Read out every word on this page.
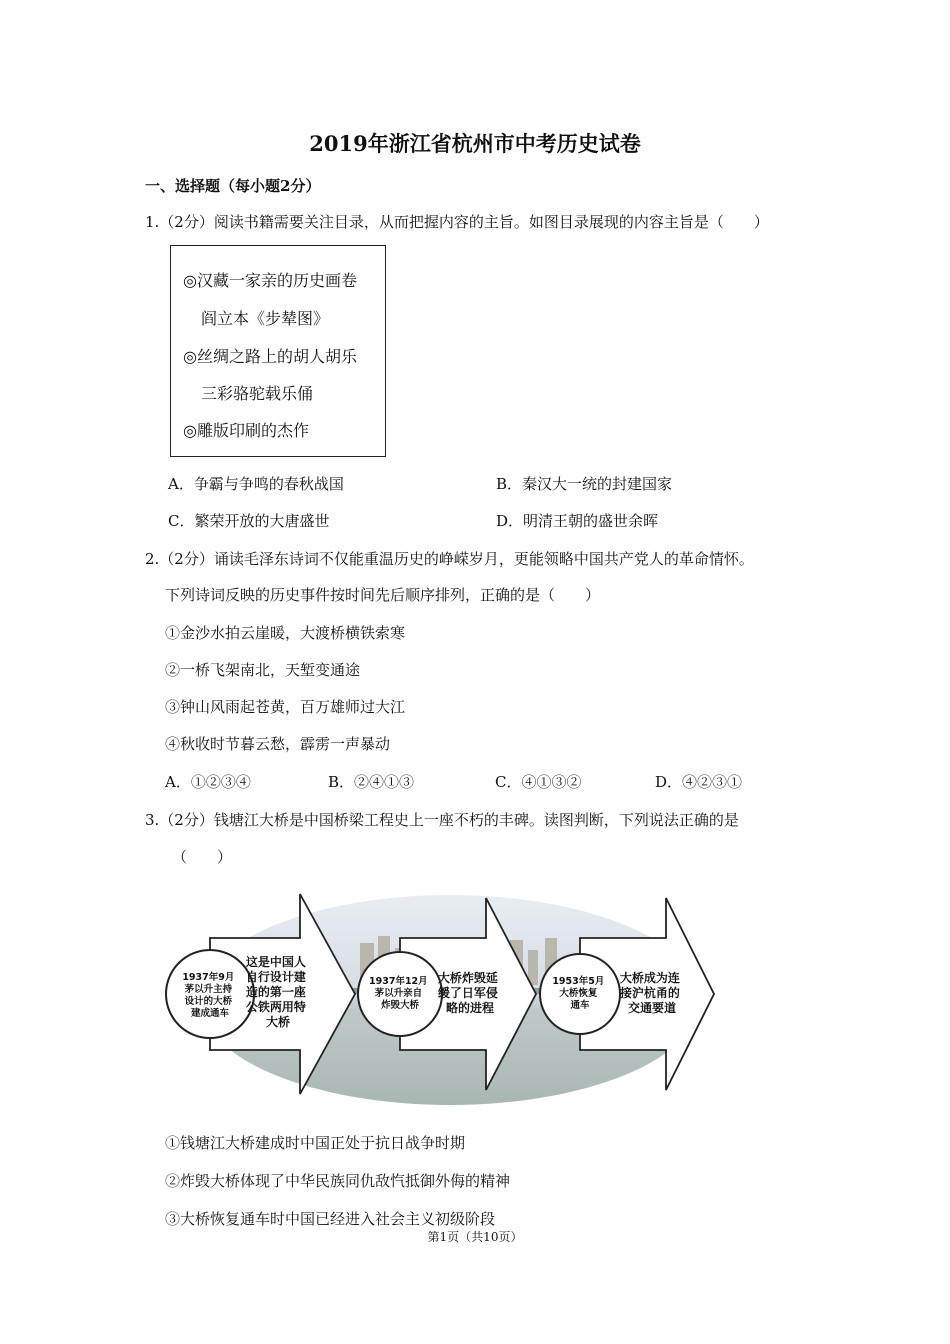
2019年浙江省杭州市中考历史试卷
一、选择题（每小题2分）
1.（2分）阅读书籍需要关注目录，从而把握内容的主旨。如图目录展现的内容主旨是（　　）
◎汉藏一家亲的历史画卷
阎立本《步辇图》
◎丝绸之路上的胡人胡乐
三彩骆驼载乐俑
◎雕版印刷的杰作
A．争霸与争鸣的春秋战国	B．秦汉大一统的封建国家
C．繁荣开放的大唐盛世	D．明清王朝的盛世余晖
2.（2分）诵读毛泽东诗词不仅能重温历史的峥嵘岁月，更能领略中国共产党人的革命情怀。
下列诗词反映的历史事件按时间先后顺序排列，正确的是（　　）
①金沙水拍云崖暖，大渡桥横铁索寒
②一桥飞架南北，天堑变通途
③钟山风雨起苍黄，百万雄师过大江
④秋收时节暮云愁，霹雳一声暴动
A．①②③④	B．②④①③	C．④①③②	D．④②③①
3.（2分）钱塘江大桥是中国桥梁工程史上一座不朽的丰碑。读图判断，下列说法正确的是
（　　）
1937年9月 茅以升主持 设计的大桥 建成通车
这是中国人 自行设计建 造的第一座 公铁两用特 大桥
1937年12月 茅以升亲自 炸毁大桥
大桥炸毁延 缓了日军侵 略的进程
1953年5月 大桥恢复 通车
大桥成为连 接沪杭甬的 交通要道
①钱塘江大桥建成时中国正处于抗日战争时期
②炸毁大桥体现了中华民族同仇敌忾抵御外侮的精神
③大桥恢复通车时中国已经进入社会主义初级阶段
第1页（共10页）
